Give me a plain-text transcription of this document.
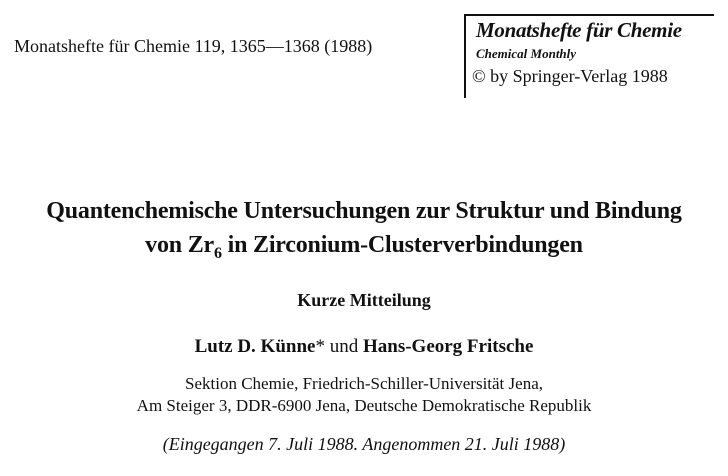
Monatshefte für Chemie 119, 1365—1368 (1988)
Monatshefte für Chemie
Chemical Monthly
© by Springer-Verlag 1988
Quantenchemische Untersuchungen zur Struktur und Bindung
von $Zr_6$ in Zirconium-Clusterverbindungen
Kurze Mitteilung
Lutz D. Künne* und Hans-Georg Fritsche
Sektion Chemie, Friedrich-Schiller-Universität Jena,
Am Steiger 3, DDR-6900 Jena, Deutsche Demokratische Republik
(Eingegangen 7. Juli 1988. Angenommen 21. Juli 1988)
